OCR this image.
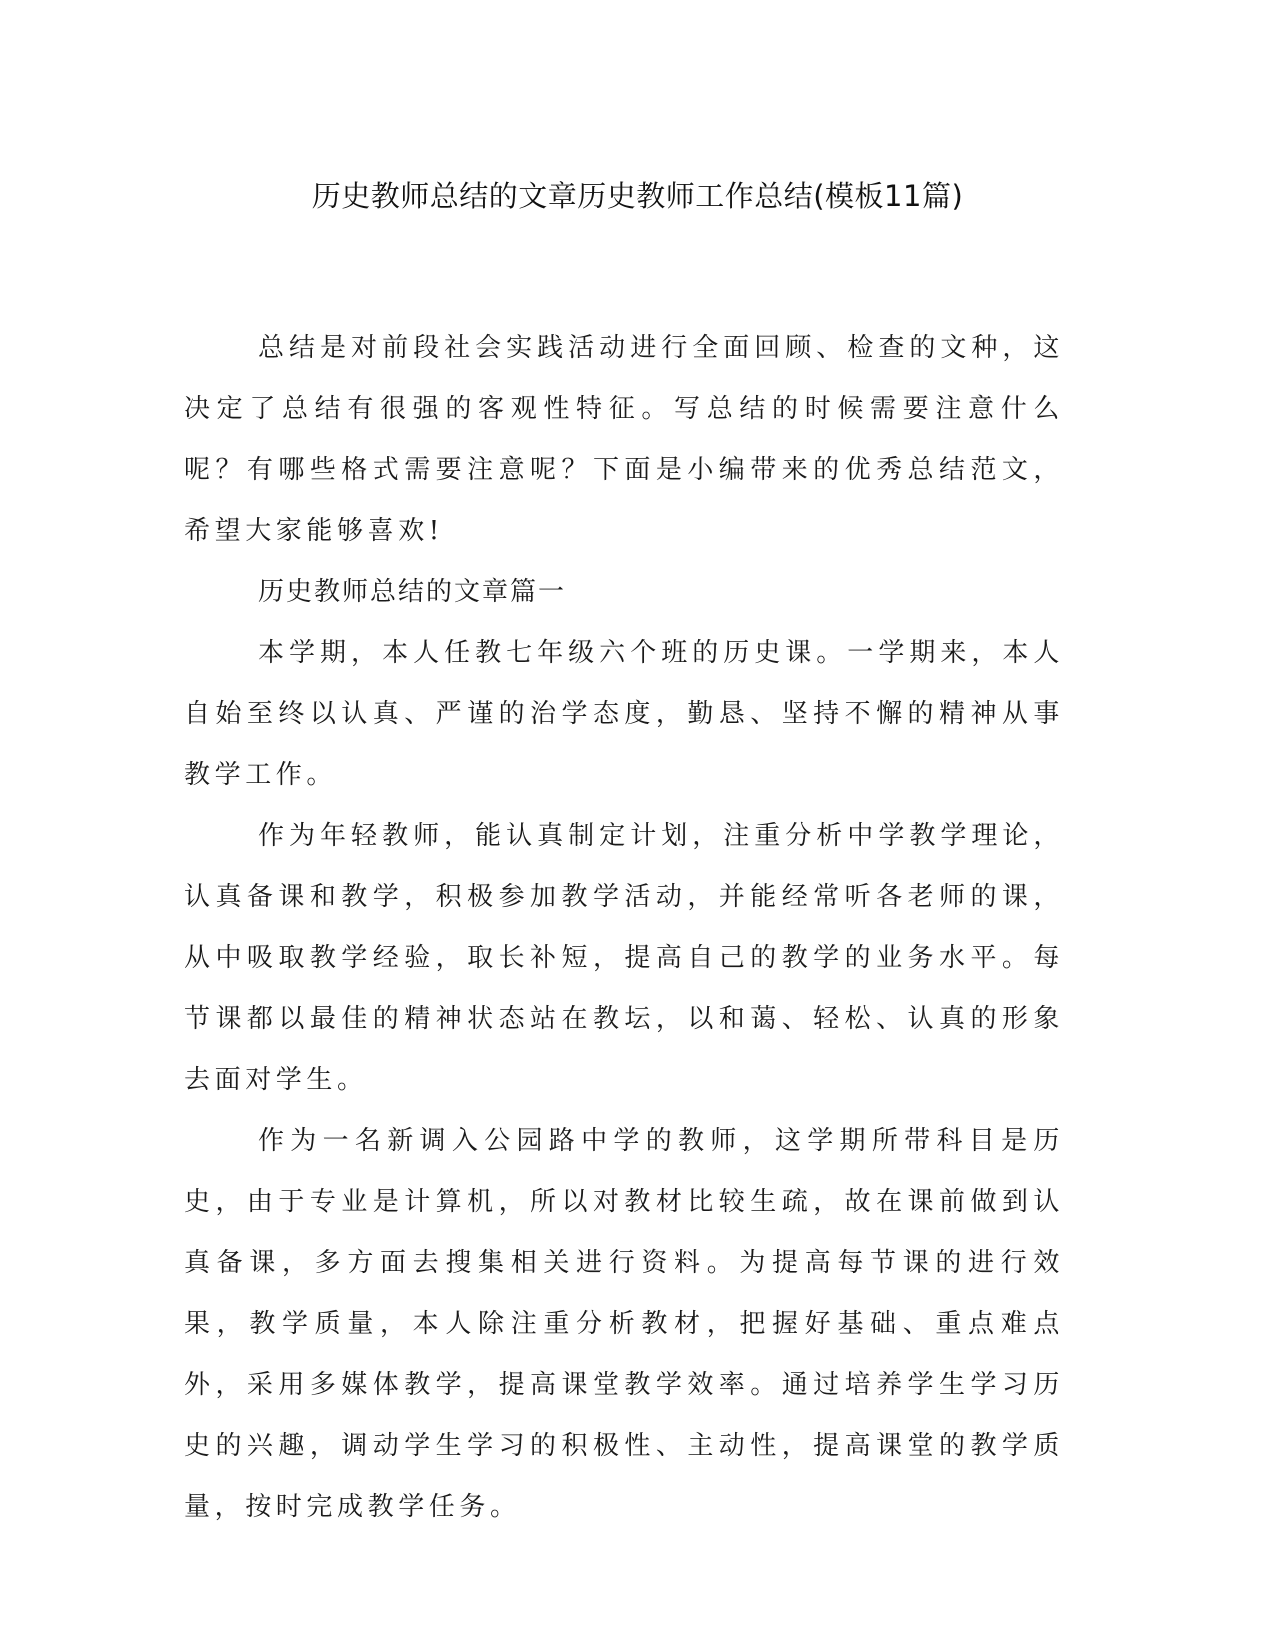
历史教师总结的文章历史教师工作总结(模板11篇)

总结是对前段社会实践活动进行全面回顾、检查的文种，这决定了总结有很强的客观性特征。写总结的时候需要注意什么呢？有哪些格式需要注意呢？下面是小编带来的优秀总结范文，希望大家能够喜欢!

历史教师总结的文章篇一

本学期，本人任教七年级六个班的历史课。一学期来，本人自始至终以认真、严谨的治学态度，勤恳、坚持不懈的精神从事教学工作。

作为年轻教师，能认真制定计划，注重分析中学教学理论，认真备课和教学，积极参加教学活动，并能经常听各老师的课，从中吸取教学经验，取长补短，提高自己的教学的业务水平。每节课都以最佳的精神状态站在教坛，以和蔼、轻松、认真的形象去面对学生。

作为一名新调入公园路中学的教师，这学期所带科目是历史，由于专业是计算机，所以对教材比较生疏，故在课前做到认真备课，多方面去搜集相关进行资料。为提高每节课的进行效果，教学质量，本人除注重分析教材，把握好基础、重点难点外，采用多媒体教学，提高课堂教学效率。通过培养学生学习历史的兴趣，调动学生学习的积极性、主动性，提高课堂的教学质量，按时完成教学任务。
